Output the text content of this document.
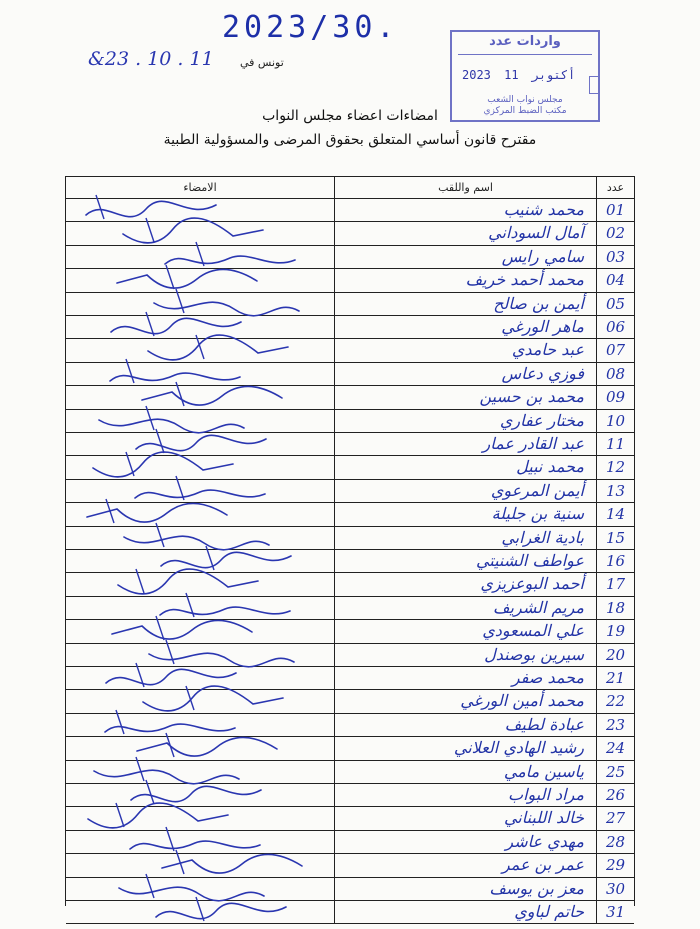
2023/30.
&23 . 10 . 11 تونس في
واردات عدد
2023	أكتوبر 11
مجلس نواب الشعب
مكتب الضبط المركزي
امضاءات اعضاء مجلس النواب
مقترح قانون أساسي المتعلق بحقوق المرضى والمسؤولية الطبية
عدد
اسم واللقب
الامضاء
01
محمد شنيب
02
آمال السوداني
03
سامي رايس
04
محمد أحمد خريف
05
أيمن بن صالح
06
ماهر الورغي
07
عبد حامدي
08
فوزي دعاس
09
محمد بن حسين
10
مختار عفاري
11
عبد القادر عمار
12
محمد نبيل
13
أيمن المرعوي
14
سنية بن جليلة
15
بادية الغرابي
16
عواطف الشنيتي
17
أحمد البوعزيزي
18
مريم الشريف
19
علي المسعودي
20
سيرين بوصندل
21
محمد صفر
22
محمد أمين الورغي
23
عبادة لطيف
24
رشيد الهادي العلاني
25
ياسين مامي
26
مراد البواب
27
خالد اللبناني
28
مهدي عاشر
29
عمر بن عمر
30
معز بن يوسف
31
حاتم لباوي
